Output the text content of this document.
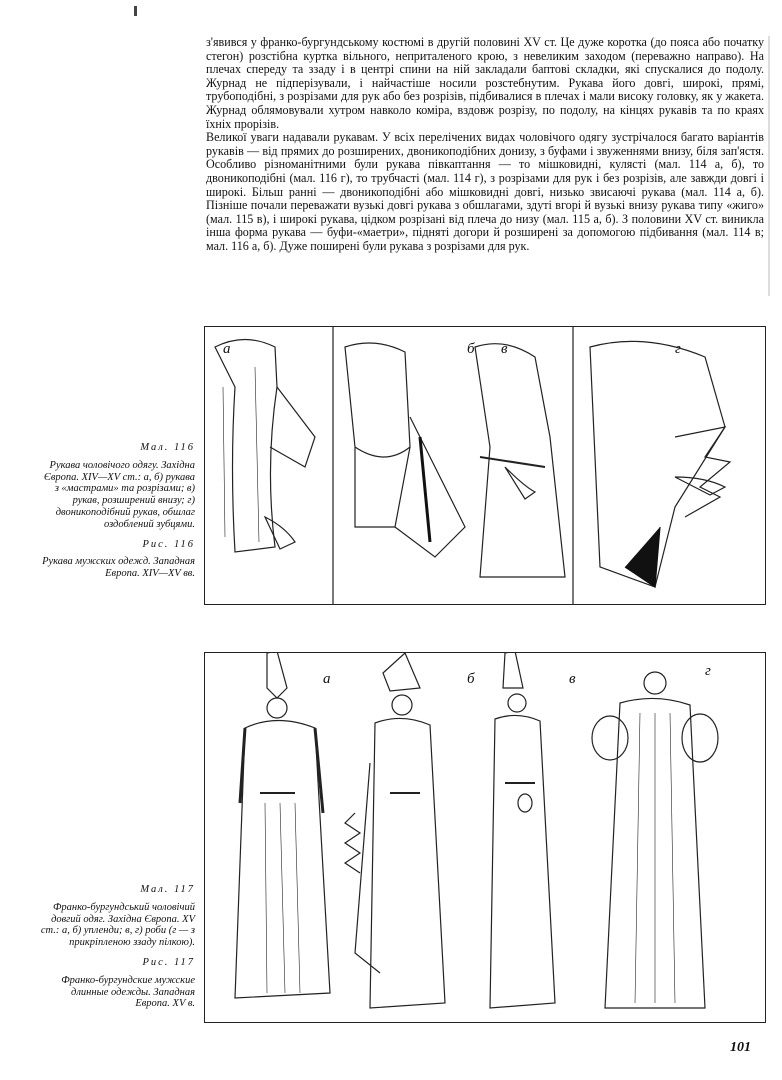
з'явився у франко-бургундському костюмі в другій половині XV ст. Це дуже коротка (до пояса або початку стегон) розстібна куртка вільного, неприталеного крою, з невеликим заходом (переважно направо). На плечах спереду та ззаду і в центрі спини на ній закладали баптові складки, які спускалися до подолу. Журнад не підперізували, і найчастіше носили розстебнутим. Рукава його довгі, широкі, прямі, трубоподібні, з розрізами для рук або без розрізів, підбивалися в плечах і мали високу головку, як у жакета. Журнад облямовували хутром навколо коміра, вздовж розрізу, по подолу, на кінцях рукавів та по краях їхніх прорізів.

Великої уваги надавали рукавам. У всіх перелічених видах чоловічого одягу зустрічалося багато варіантів рукавів — від прямих до розширених, двоникоподібних донизу, з буфами і звуженнями внизу, біля зап'ястя. Особливо різноманітними були рукава півкаптання — то мішковидні, кулясті (мал. 114 а, б), то двоникоподібні (мал. 116 г), то трубчасті (мал. 114 г), з розрізами для рук і без розрізів, але завжди довгі і широкі. Більш ранні — двоникоподібні або мішковидні довгі, низько звисаючі рукава (мал. 114 а, б). Пізніше почали переважати вузькі довгі рукава з обшлагами, здуті вгорі й вузькі внизу рукава типу «жиго» (мал. 115 в), і широкі рукава, цідком розрізані від плеча до низу (мал. 115 а, б). З половини XV ст. виникла інша форма рукава — буфи-«маетри», підняті догори й розширені за допомогою підбивання (мал. 114 в; мал. 116 а, б). Дуже поширені були рукава з розрізами для рук.

а	б в	г
а	б	в	г
Мал. 116
Рукава чоловічого одягу. Західна Європа. XIV—XV ст.: а, б) рукава з «мастрами» та розрізами; в) рукав, розширений внизу; г) двоникоподібний рукав, обшлаг оздоблений зубцями.
Рис. 116
Рукава мужских одежд. Западная Европа. XIV—XV вв.
Мал. 117
Франко-бургундський чоловічий довгий одяг. Західна Європа. XV ст.: а, б) упленди; в, г) роби (г — з прикріпленою ззаду пілкою).
Рис. 117
Франко-бургундские мужские длинные одежды. Западная Европа. XV в.
101
